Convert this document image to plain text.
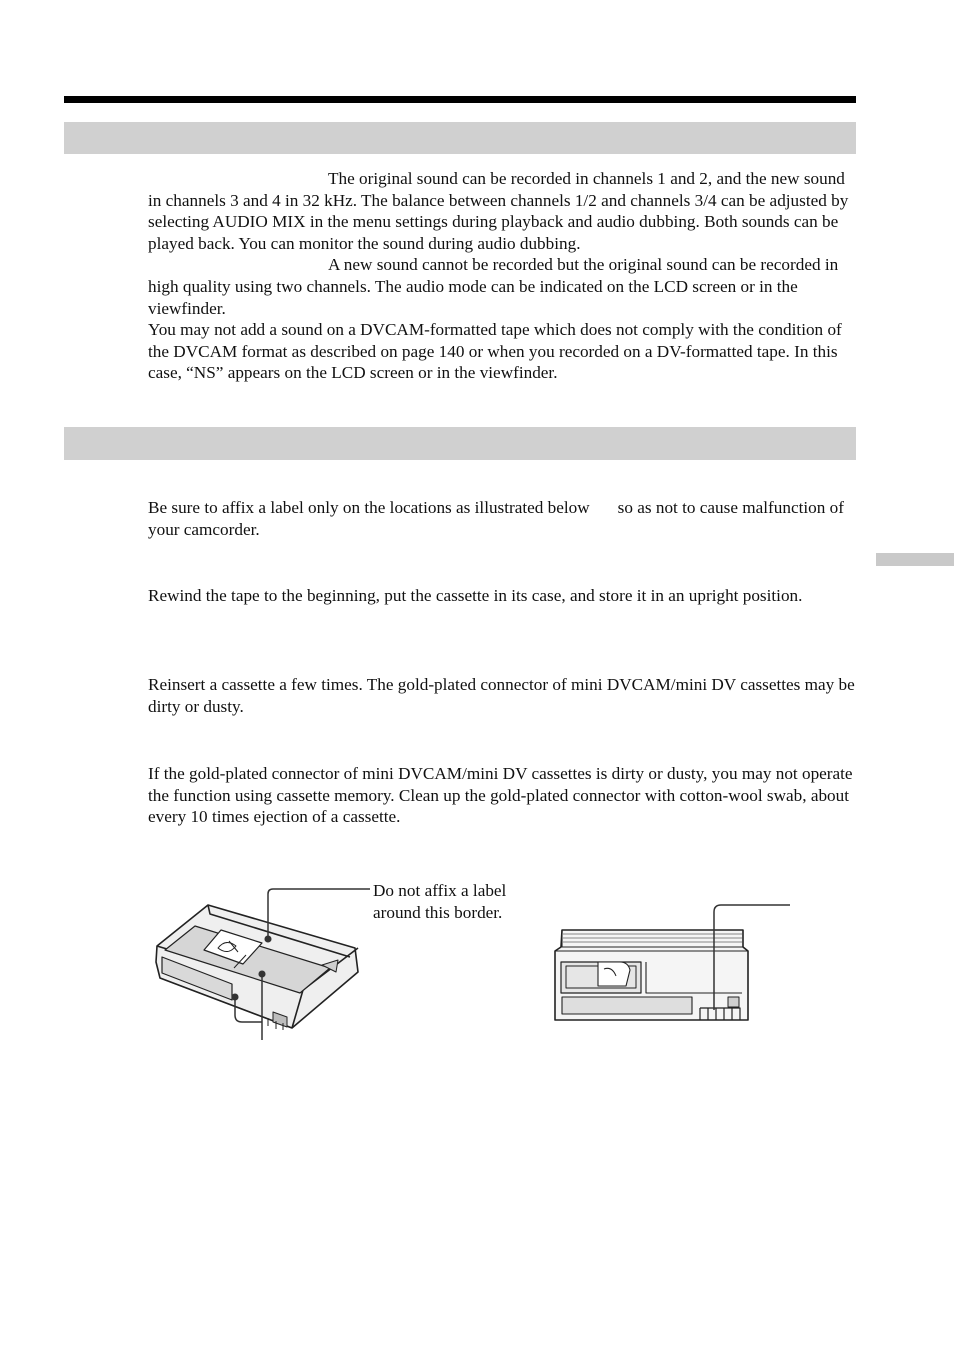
The original sound can be recorded in channels 1 and 2, and the new sound in channels 3 and 4 in 32 kHz. The balance between channels 1/2 and channels 3/4 can be adjusted by selecting AUDIO MIX in the menu settings during playback and audio dubbing. Both sounds can be played back. You can monitor the sound during audio dubbing.

A new sound cannot be recorded but the original sound can be recorded in high quality using two channels. The audio mode can be indicated on the LCD screen or in the viewfinder.

You may not add a sound on a DVCAM-formatted tape which does not comply with the condition of the DVCAM format as described on page 140 or when you recorded on a DV-formatted tape. In this case, “NS” appears on the LCD screen or in the viewfinder.

Be sure to affix a label only on the locations as illustrated below so as not to cause malfunction of your camcorder.

Rewind the tape to the beginning, put the cassette in its case, and store it in an upright position.

Reinsert a cassette a few times. The gold-plated connector of mini DVCAM/mini DV cassettes may be dirty or dusty.

If the gold-plated connector of mini DVCAM/mini DV cassettes is dirty or dusty, you may not operate the function using cassette memory. Clean up the gold-plated connector with cotton-wool swab, about every 10 times ejection of a cassette.

Do not affix a label
around this border.
